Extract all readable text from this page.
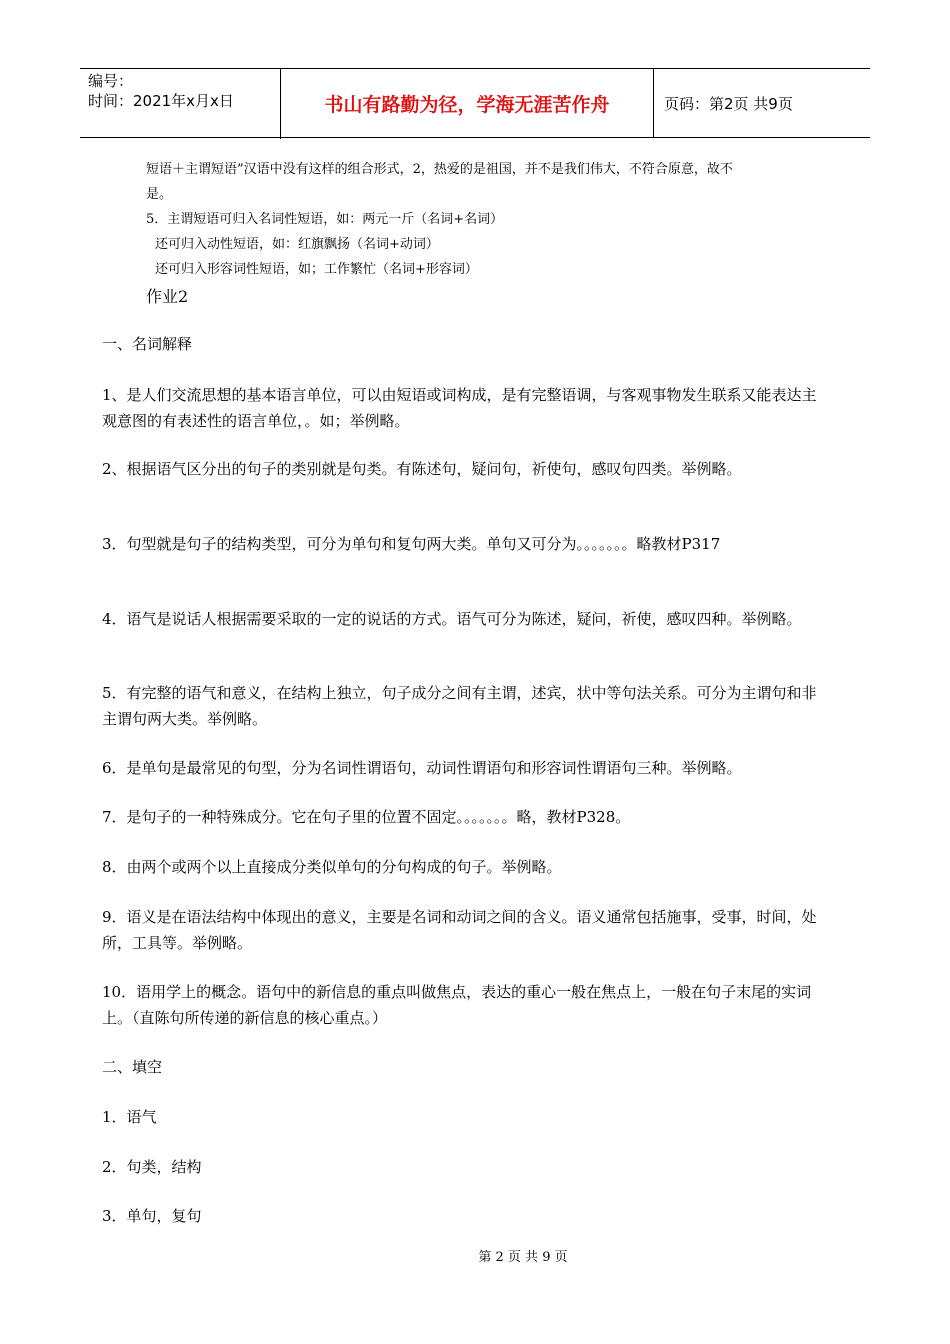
编号：
时间：2021年x月x日	书山有路勤为径，学海无涯苦作舟	页码：第2页 共9页
短语＋主谓短语”汉语中没有这样的组合形式，2，热爱的是祖国，并不是我们伟大，不符合原意，故不
是。
5．主谓短语可归入名词性短语，如：两元一斤（名词+名词）
还可归入动性短语，如：红旗飘扬（名词+动词）
还可归入形容词性短语，如；工作繁忙（名词+形容词）
作业2
一、名词解释
1、是人们交流思想的基本语言单位，可以由短语或词构成，是有完整语调，与客观事物发生联系又能表达主观意图的有表述性的语言单位，。如；举例略。
2、根据语气区分出的句子的类别就是句类。有陈述句，疑问句，祈使句，感叹句四类。举例略。
3．句型就是句子的结构类型，可分为单句和复句两大类。单句又可分为。。。。。。。略教材P317
4．语气是说话人根据需要采取的一定的说话的方式。语气可分为陈述，疑问，祈使，感叹四种。举例略。
5．有完整的语气和意义，在结构上独立，句子成分之间有主谓，述宾，状中等句法关系。可分为主谓句和非主谓句两大类。举例略。
6．是单句是最常见的句型，分为名词性谓语句，动词性谓语句和形容词性谓语句三种。举例略。
7．是句子的一种特殊成分。它在句子里的位置不固定。。。。。。。略，教材P328。
8．由两个或两个以上直接成分类似单句的分句构成的句子。举例略。
9．语义是在语法结构中体现出的意义，主要是名词和动词之间的含义。语义通常包括施事，受事，时间，处所，工具等。举例略。
10．语用学上的概念。语句中的新信息的重点叫做焦点，表达的重心一般在焦点上，一般在句子末尾的实词上。（直陈句所传递的新信息的核心重点。）
二、填空
1．语气
2．句类，结构
3．单句，复句
第 2 页 共 9 页
